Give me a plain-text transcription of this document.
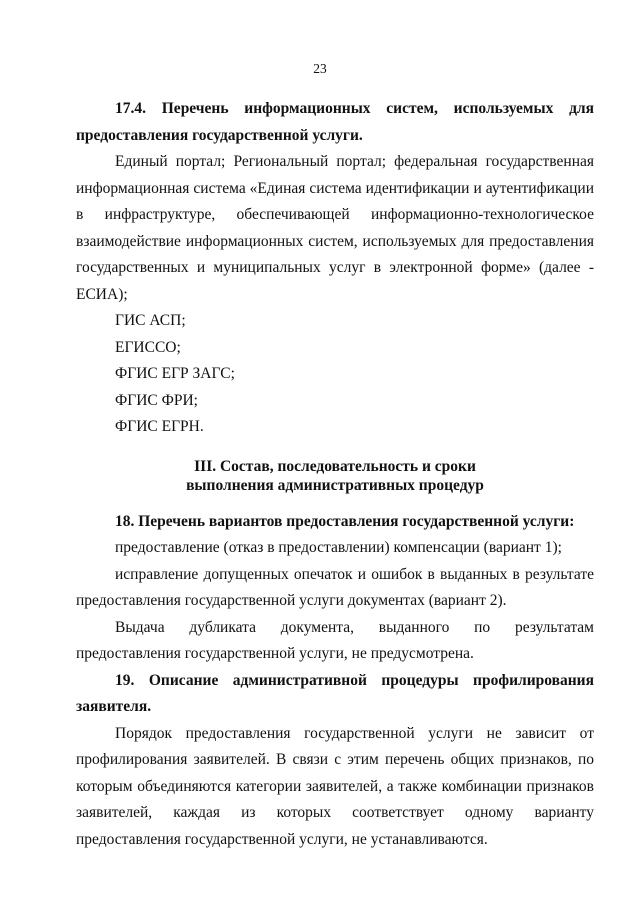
23

17.4. Перечень информационных систем, используемых для

предоставления государственной услуги.

Единый портал; Региональный портал; федеральная государственная информационная система «Единая система идентификации и аутентификации в инфраструктуре, обеспечивающей информационно-технологическое взаимодействие информационных систем, используемых для предоставления государственных и муниципальных услуг в электронной форме» (далее - ЕСИА);

ГИС АСП;

ЕГИССО;

ФГИС ЕГР ЗАГС;

ФГИС ФРИ;

ФГИС ЕГРН.

III. Состав, последовательность и сроки
выполнения административных процедур

18. Перечень вариантов предоставления государственной услуги:

предоставление (отказ в предоставлении) компенсации (вариант 1);

исправление допущенных опечаток и ошибок в выданных в результате предоставления государственной услуги документах (вариант 2).

Выдача дубликата документа, выданного по результатам предоставления государственной услуги, не предусмотрена.

19. Описание административной процедуры профилирования

заявителя.

Порядок предоставления государственной услуги не зависит от профилирования заявителей. В связи с этим перечень общих признаков, по которым объединяются категории заявителей, а также комбинации признаков заявителей, каждая из которых соответствует одному варианту предоставления государственной услуги, не устанавливаются.
